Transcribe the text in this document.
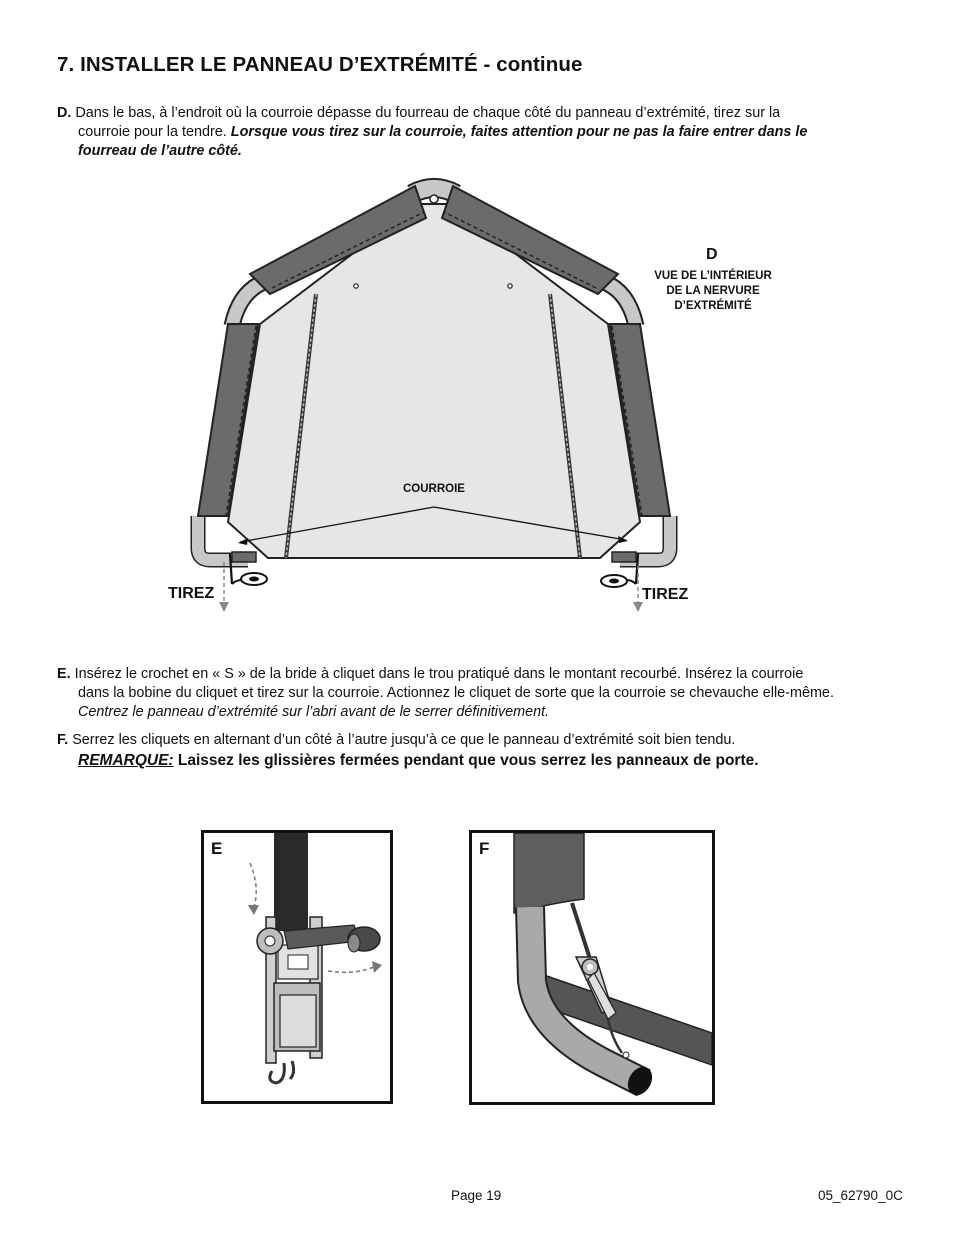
7. INSTALLER LE PANNEAU D’EXTRÉMITÉ - continue
D. Dans le bas, à l’endroit où la courroie dépasse du fourreau de chaque côté du panneau d’extrémité, tirez sur la
courroie pour la tendre. Lorsque vous tirez sur la courroie, faites attention pour ne pas la faire entrer dans le
fourreau de l’autre côté.
D
VUE DE L’INTÉRIEUR
DE LA NERVURE
D’EXTRÉMITÉ
COURROIE
TIREZ	TIREZ
E. Insérez le crochet en « S » de la bride à cliquet dans le trou pratiqué dans le montant recourbé. Insérez la courroie
dans la bobine du cliquet et tirez sur la courroie. Actionnez le cliquet de sorte que la courroie se chevauche elle-même.
Centrez le panneau d’extrémité sur l’abri avant de le serrer définitivement.
F. Serrez les cliquets en alternant d’un côté à l’autre jusqu’à ce que le panneau d’extrémité soit bien tendu.
REMARQUE: Laissez les glissières fermées pendant que vous serrez les panneaux de porte.
E	F
Page 19	05_62790_0C
